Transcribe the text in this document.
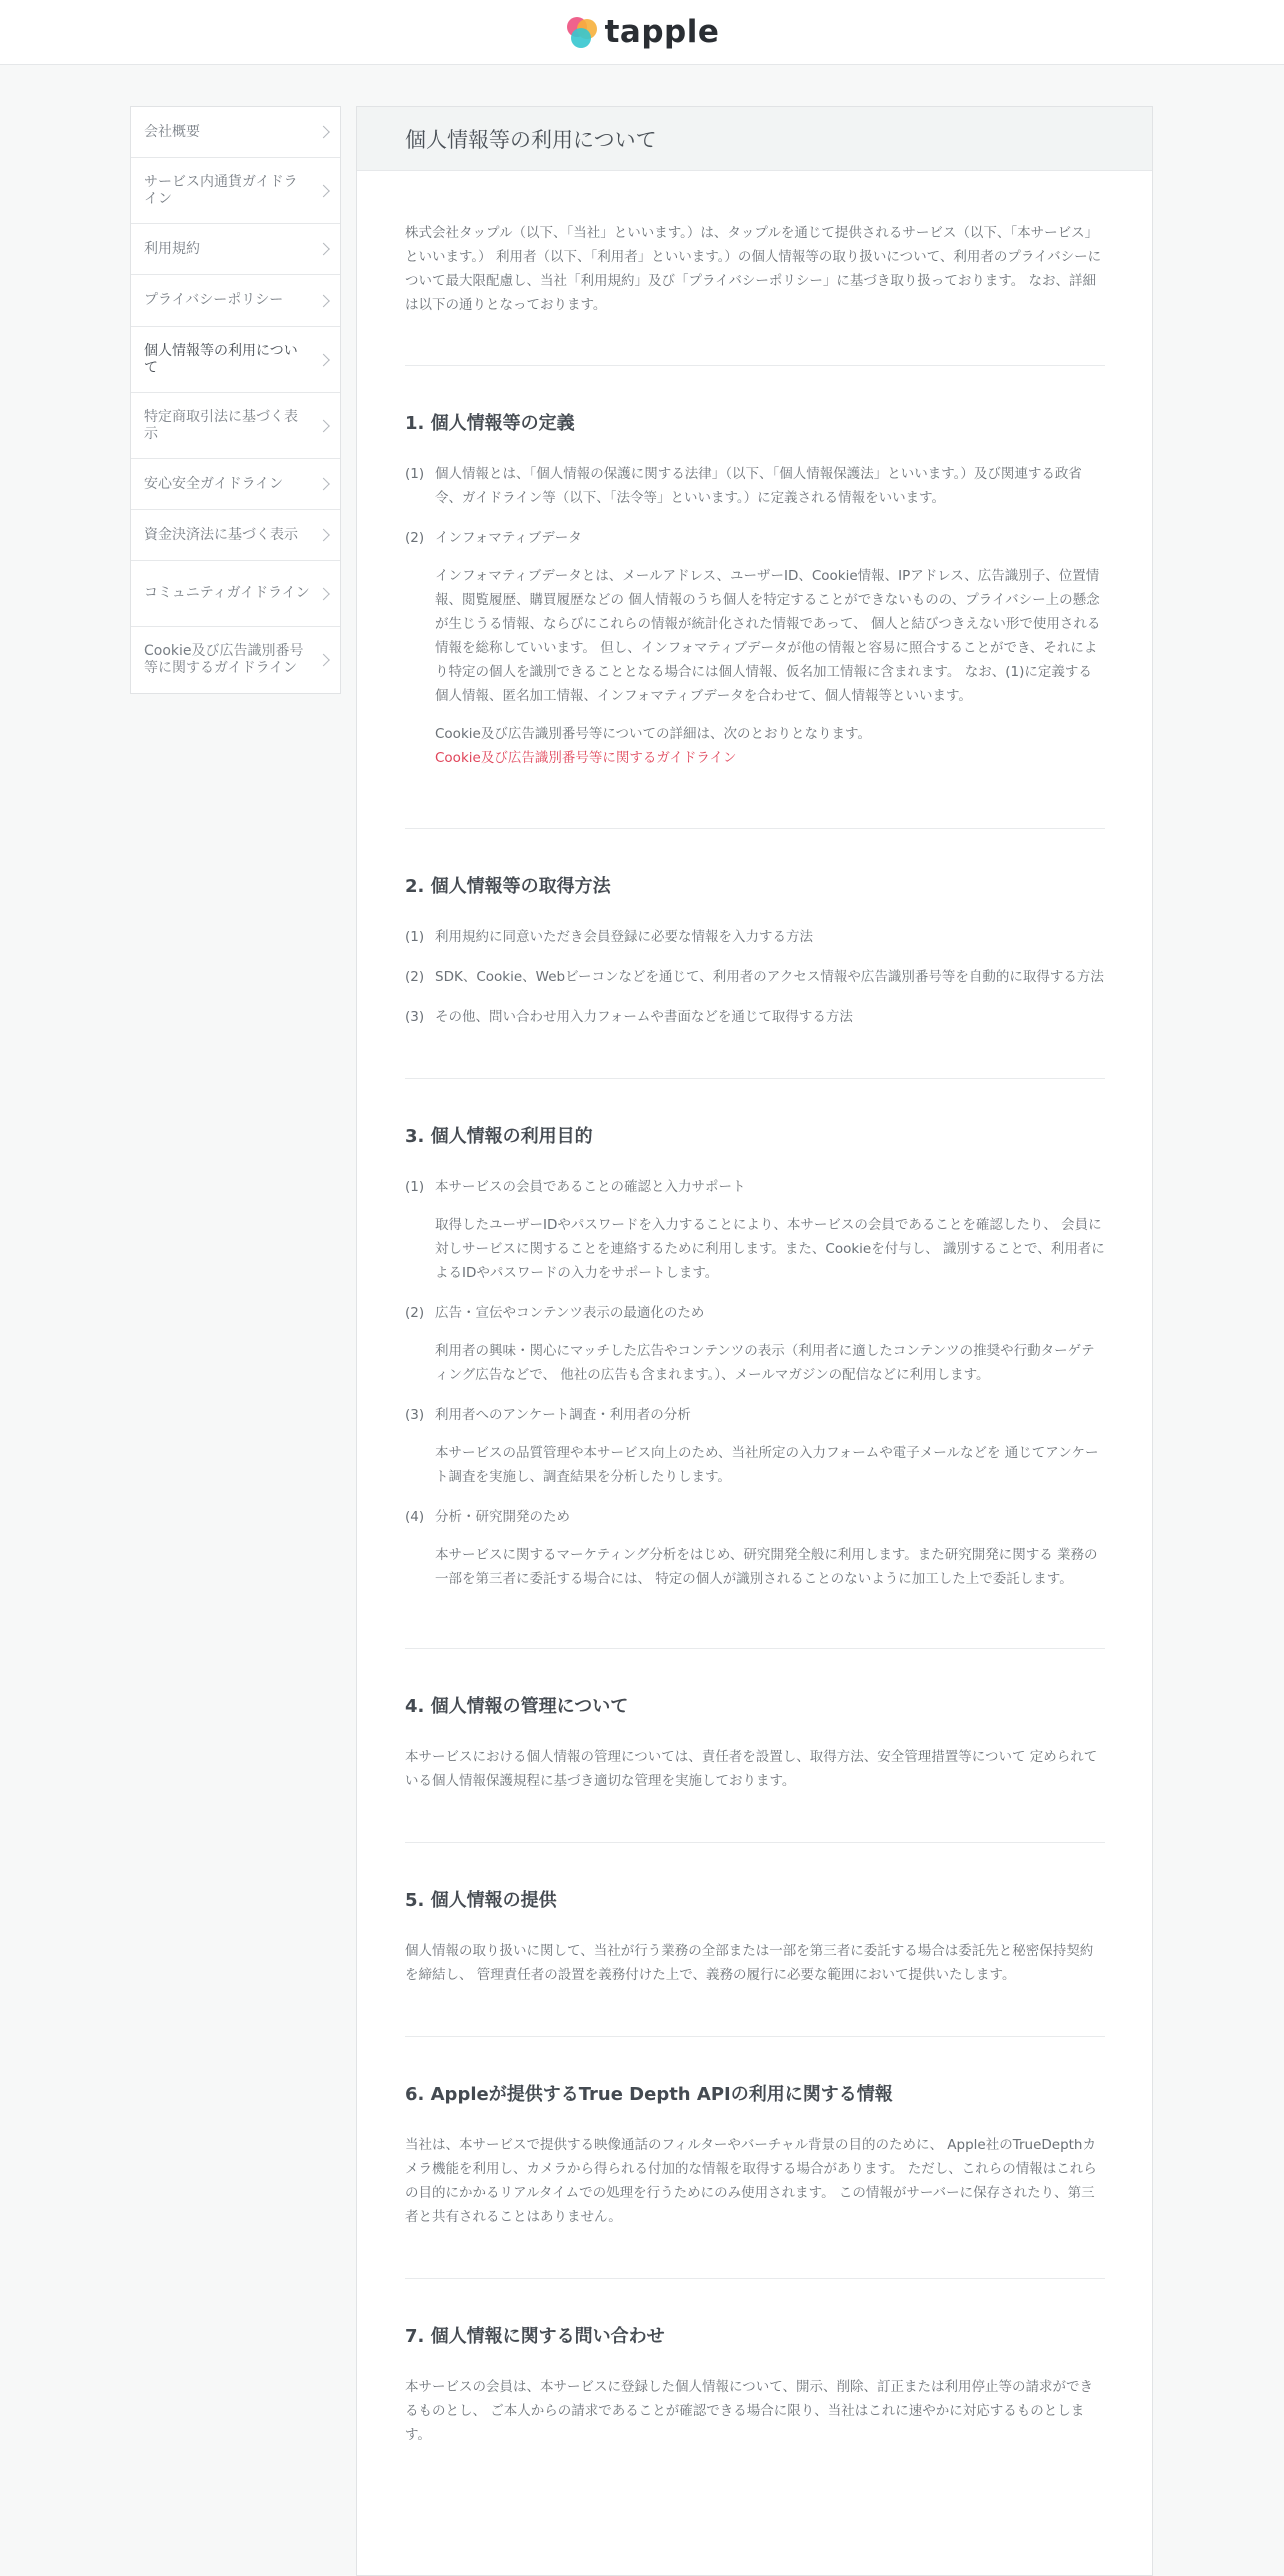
tapple
会社概要
サービス内通貨ガイドライン
利用規約
プライバシーポリシー
個人情報等の利用について
特定商取引法に基づく表示
安心安全ガイドライン
資金決済法に基づく表示
コミュニティガイドライン
Cookie及び広告識別番号等に関するガイドライン
個人情報等の利用について

株式会社タップル（以下、「当社」といいます。）は、タップルを通じて提供されるサービス（以下、「本サービス」といいます。） 利用者（以下、「利用者」といいます。）の個人情報等の取り扱いについて、利用者のプライバシーについて最大限配慮し、当社「利用規約」及び「プライバシーポリシー」に基づき取り扱っております。 なお、詳細は以下の通りとなっております。

1. 個人情報等の定義
(1) 個人情報とは、「個人情報の保護に関する法律」（以下、「個人情報保護法」といいます。）及び関連する政省令、ガイドライン等（以下、「法令等」といいます。）に定義される情報をいいます。
(2) インフォマティブデータ
インフォマティブデータとは、メールアドレス、ユーザーID、Cookie情報、IPアドレス、広告識別子、位置情報、閲覧履歴、購買履歴などの 個人情報のうち個人を特定することができないものの、プライバシー上の懸念が生じうる情報、ならびにこれらの情報が統計化された情報であって、 個人と結びつきえない形で使用される情報を総称していいます。 但し、インフォマティブデータが他の情報と容易に照合することができ、それにより特定の個人を識別できることとなる場合には個人情報、仮名加工情報に含まれます。 なお、(1)に定義する個人情報、匿名加工情報、インフォマティブデータを合わせて、個人情報等といいます。
Cookie及び広告識別番号等についての詳細は、次のとおりとなります。
Cookie及び広告識別番号等に関するガイドライン
2. 個人情報等の取得方法
(1) 利用規約に同意いただき会員登録に必要な情報を入力する方法
(2) SDK、Cookie、Webビーコンなどを通じて、利用者のアクセス情報や広告識別番号等を自動的に取得する方法
(3) その他、問い合わせ用入力フォームや書面などを通じて取得する方法
3. 個人情報の利用目的
(1) 本サービスの会員であることの確認と入力サポート
取得したユーザーIDやパスワードを入力することにより、本サービスの会員であることを確認したり、 会員に対しサービスに関することを連絡するために利用します。また、Cookieを付与し、 識別することで、利用者によるIDやパスワードの入力をサポートします。
(2) 広告・宣伝やコンテンツ表示の最適化のため
利用者の興味・関心にマッチした広告やコンテンツの表示（利用者に適したコンテンツの推奨や行動ターゲティング広告などで、 他社の広告も含まれます。）、メールマガジンの配信などに利用します。
(3) 利用者へのアンケート調査・利用者の分析
本サービスの品質管理や本サービス向上のため、当社所定の入力フォームや電子メールなどを 通じてアンケート調査を実施し、調査結果を分析したりします。
(4) 分析・研究開発のため
本サービスに関するマーケティング分析をはじめ、研究開発全般に利用します。また研究開発に関する 業務の一部を第三者に委託する場合には、 特定の個人が識別されることのないように加工した上で委託します。
4. 個人情報の管理について

本サービスにおける個人情報の管理については、責任者を設置し、取得方法、安全管理措置等について 定められている個人情報保護規程に基づき適切な管理を実施しております。

5. 個人情報の提供

個人情報の取り扱いに関して、当社が行う業務の全部または一部を第三者に委託する場合は委託先と秘密保持契約を締結し、 管理責任者の設置を義務付けた上で、義務の履行に必要な範囲において提供いたします。

6. Appleが提供するTrue Depth APIの利用に関する情報

当社は、本サービスで提供する映像通話のフィルターやバーチャル背景の目的のために、 Apple社のTrueDepthカメラ機能を利用し、カメラから得られる付加的な情報を取得する場合があります。 ただし、これらの情報はこれらの目的にかかるリアルタイムでの処理を行うためにのみ使用されます。 この情報がサーバーに保存されたり、第三者と共有されることはありません。

7. 個人情報に関する問い合わせ

本サービスの会員は、本サービスに登録した個人情報について、開示、削除、訂正または利用停止等の請求ができるものとし、 ご本人からの請求であることが確認できる場合に限り、当社はこれに速やかに対応するものとします。
